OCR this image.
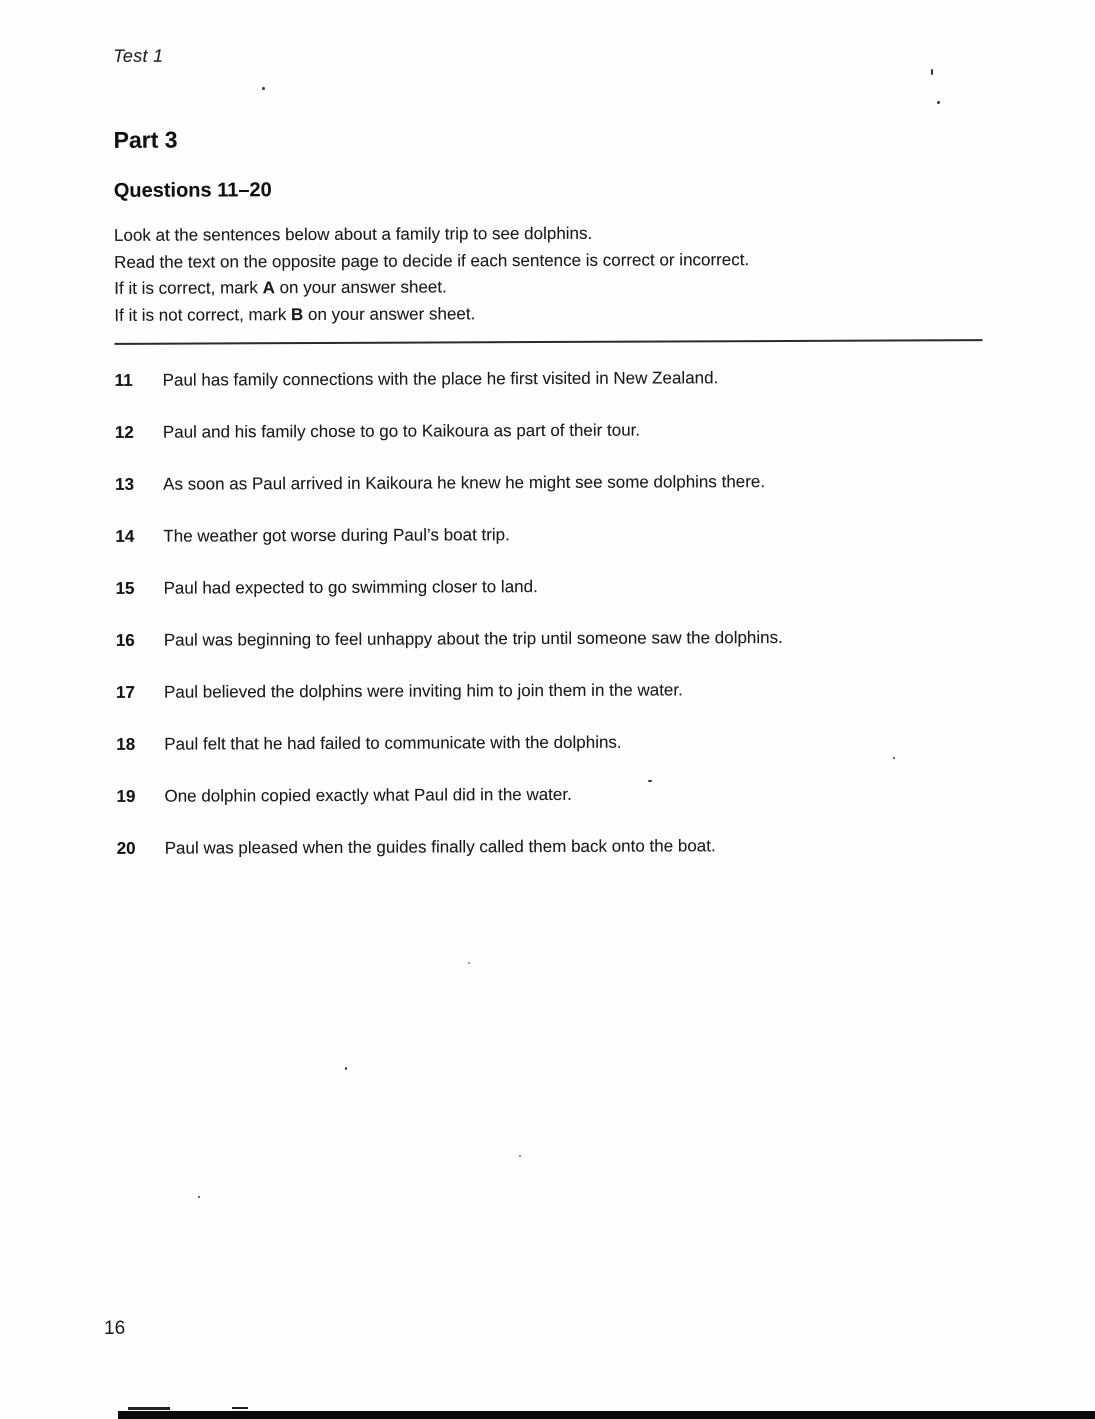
Test 1
Part 3
Questions 11–20

Look at the sentences below about a family trip to see dolphins.

Read the text on the opposite page to decide if each sentence is correct or incorrect.

If it is correct, mark A on your answer sheet.

If it is not correct, mark B on your answer sheet.

11	Paul has family connections with the place he first visited in New Zealand.
12	Paul and his family chose to go to Kaikoura as part of their tour.
13	As soon as Paul arrived in Kaikoura he knew he might see some dolphins there.
14	The weather got worse during Paul’s boat trip.
15	Paul had expected to go swimming closer to land.
16	Paul was beginning to feel unhappy about the trip until someone saw the dolphins.
17	Paul believed the dolphins were inviting him to join them in the water.
18	Paul felt that he had failed to communicate with the dolphins.
19	One dolphin copied exactly what Paul did in the water.
20	Paul was pleased when the guides finally called them back onto the boat.
16
